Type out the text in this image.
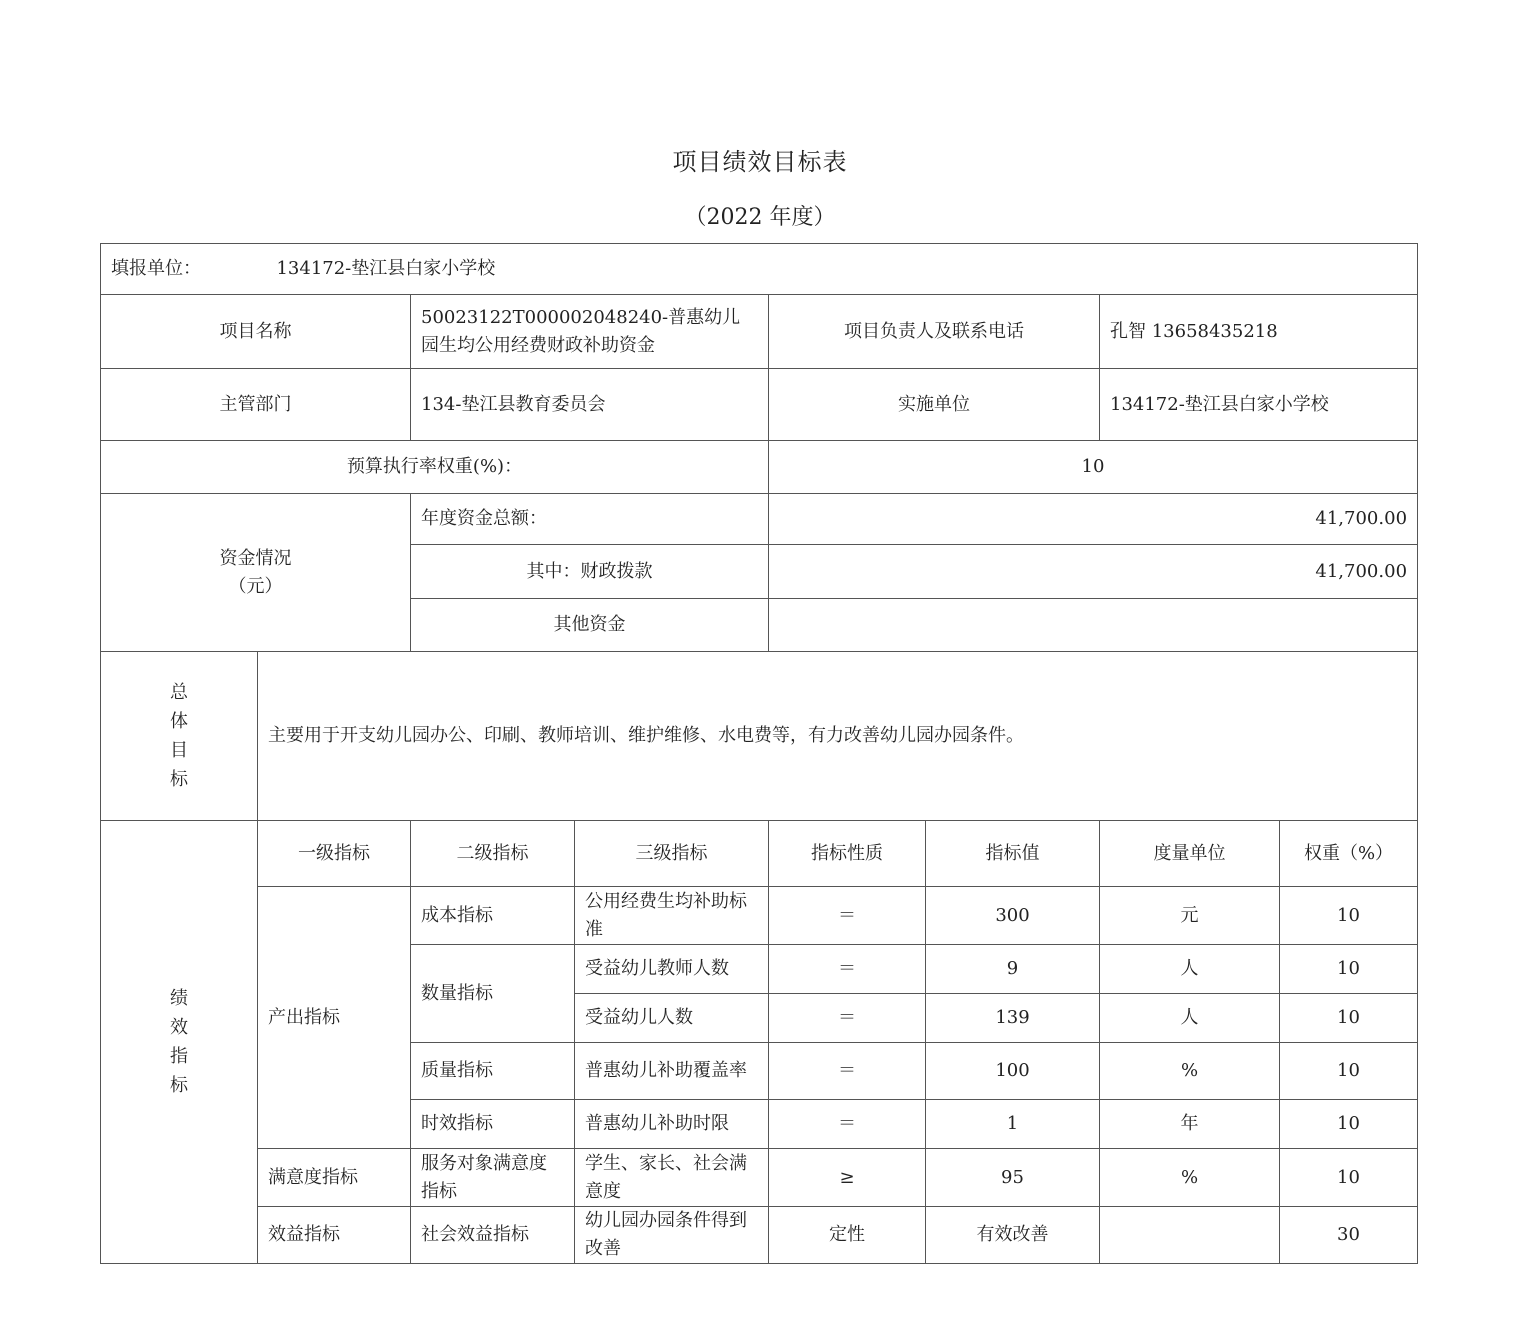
项目绩效目标表
（2022 年度）
填报单位： 134172-垫江县白家小学校							
项目名称		50023122T000002048240-普惠幼儿园生均公用经费财政补助资金		项目负责人及联系电话		孔智 13658435218	
主管部门		134-垫江县教育委员会		实施单位		134172-垫江县白家小学校	
预算执行率权重(%)：				10			

资金情况
（元）		年度资金总额：		41,700.00			
		其中：财政拨款		41,700.00			
		其他资金					

总
体
目
标	主要用于开支幼儿园办公、印刷、教师培训、维护维修、水电费等，有力改善幼儿园办园条件。						

绩
效
指
标	一级指标	二级指标	三级指标	指标性质	指标值	度量单位	权重（%）
	产出指标	成本指标	公用经费生均补助标准	＝	300	元	10
		数量指标	受益幼儿教师人数	＝	9	人	10
			受益幼儿人数	＝	139	人	10
		质量指标	普惠幼儿补助覆盖率	＝	100	%	10
		时效指标	普惠幼儿补助时限	＝	1	年	10
	满意度指标	服务对象满意度指标	学生、家长、社会满意度	≥	95	%	10
	效益指标	社会效益指标	幼儿园办园条件得到改善	定性	有效改善		30
